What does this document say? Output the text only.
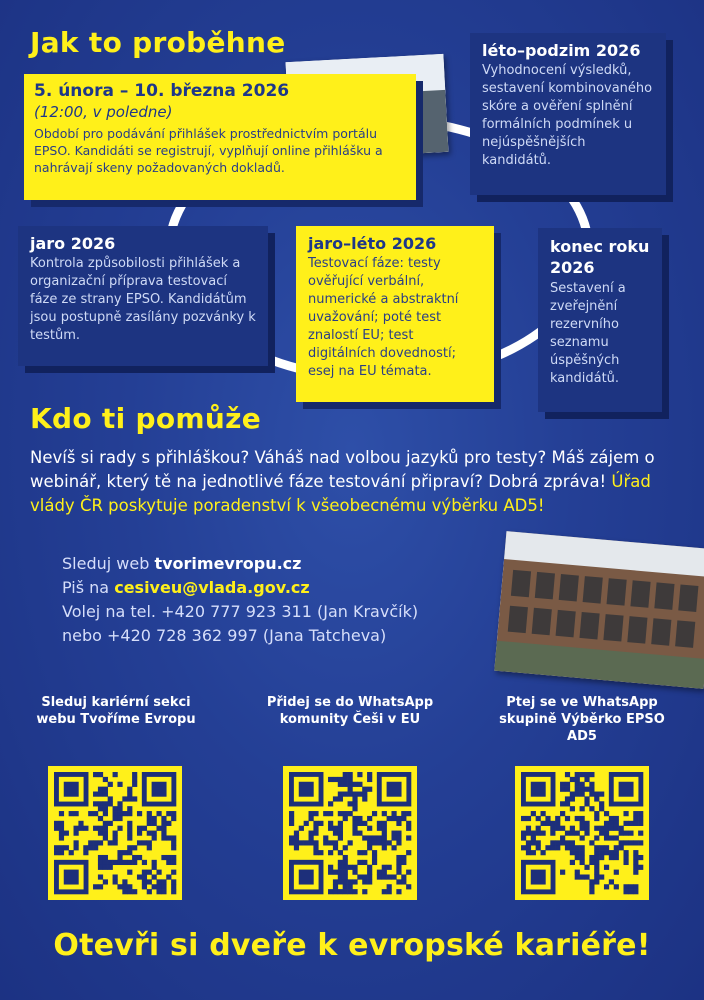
Jak to proběhne
5. února – 10. března 2026
(12:00, v poledne)
Období pro podávání přihlášek prostřednictvím portálu EPSO. Kandidáti se registrují, vyplňují online přihlášku a nahrávají skeny požadovaných dokladů.
léto–podzim 2026
Vyhodnocení výsledků, sestavení kombinovaného skóre a ověření splnění formálních podmínek u nejúspěšnějších kandidátů.
jaro 2026
Kontrola způsobilosti přihlášek a organizační příprava testovací fáze ze strany EPSO. Kandidátům jsou postupně zasílány pozvánky k testům.
jaro–léto 2026
Testovací fáze: testy ověřující verbální, numerické a abstraktní uvažování; poté test znalostí EU; test digitálních dovedností; esej na EU témata.
konec roku 2026
Sestavení a zveřejnění rezervního seznamu úspěšných kandidátů.
Kdo ti pomůže
Nevíš si rady s přihláškou? Váháš nad volbou jazyků pro testy? Máš zájem o webinář, který tě na jednotlivé fáze testování připraví? Dobrá zpráva! Úřad vlády ČR poskytuje poradenství k všeobecnému výběrku AD5!
Sleduj web tvorimevropu.cz
Piš na cesiveu@vlada.gov.cz
Volej na tel. +420 777 923 311 (Jan Kravčík)
nebo +420 728 362 997 (Jana Tatcheva)
Sleduj kariérní sekci webu Tvoříme Evropu
Přidej se do WhatsApp komunity Češi v EU
Ptej se ve WhatsApp skupině Výběrko EPSO AD5
Otevři si dveře k evropské kariéře!
